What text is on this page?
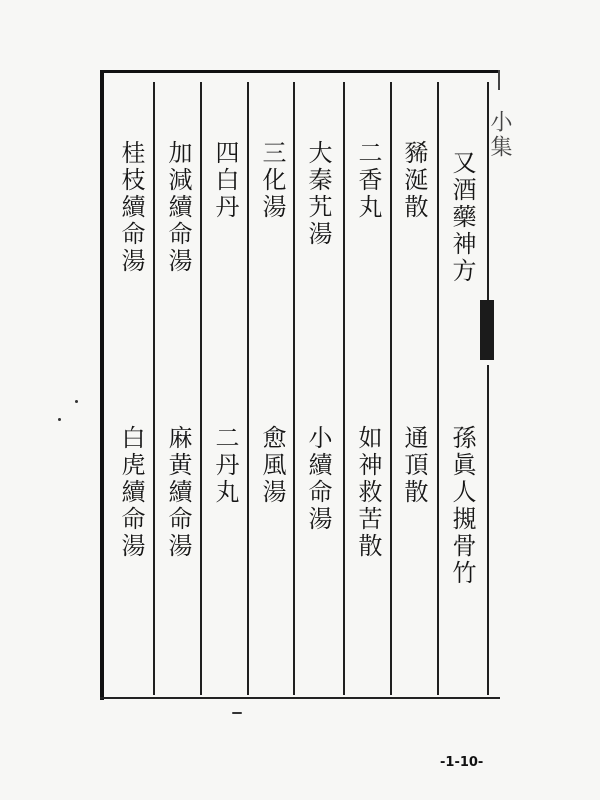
小集
又酒藥神方
孫眞人摫骨竹
豨涎散
通頂散
二香丸
如神救苦散
大秦艽湯
小續命湯
三化湯
愈風湯
四白丹
二丹丸
加減續命湯
麻黄續命湯
桂枝續命湯
白虎續命湯
-1-10-
